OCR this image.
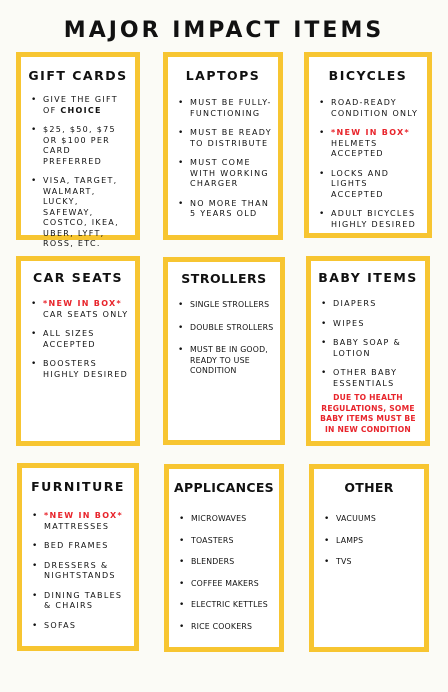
MAJOR IMPACT ITEMS
GIFT CARDS
• GIVE THE GIFT OF CHOICE
• $25, $50, $75 OR $100 PER CARD PREFERRED
• VISA, TARGET, WALMART, LUCKY, SAFEWAY, COSTCO, IKEA, UBER, LYFT, ROSS, ETC.
LAPTOPS
• MUST BE FULLY-FUNCTIONING
• MUST BE READY TO DISTRIBUTE
• MUST COME WITH WORKING CHARGER
• NO MORE THAN 5 YEARS OLD
BICYCLES
• ROAD-READY CONDITION ONLY
• *NEW IN BOX* HELMETS ACCEPTED
• LOCKS AND LIGHTS ACCEPTED
• ADULT BICYCLES HIGHLY DESIRED
CAR SEATS
• *NEW IN BOX* CAR SEATS ONLY
• ALL SIZES ACCEPTED
• BOOSTERS HIGHLY DESIRED
STROLLERS
• SINGLE STROLLERS
• DOUBLE STROLLERS
• MUST BE IN GOOD, READY TO USE CONDITION
BABY ITEMS
• DIAPERS
• WIPES
• BABY SOAP & LOTION
• OTHER BABY ESSENTIALS
DUE TO HEALTH REGULATIONS, SOME BABY ITEMS MUST BE IN NEW CONDITION
FURNITURE
• *NEW IN BOX* MATTRESSES
• BED FRAMES
• DRESSERS & NIGHTSTANDS
• DINING TABLES & CHAIRS
• SOFAS
APPLICANCES
• MICROWAVES
• TOASTERS
• BLENDERS
• COFFEE MAKERS
• ELECTRIC KETTLES
• RICE COOKERS
OTHER
• VACUUMS
• LAMPS
• TVS
